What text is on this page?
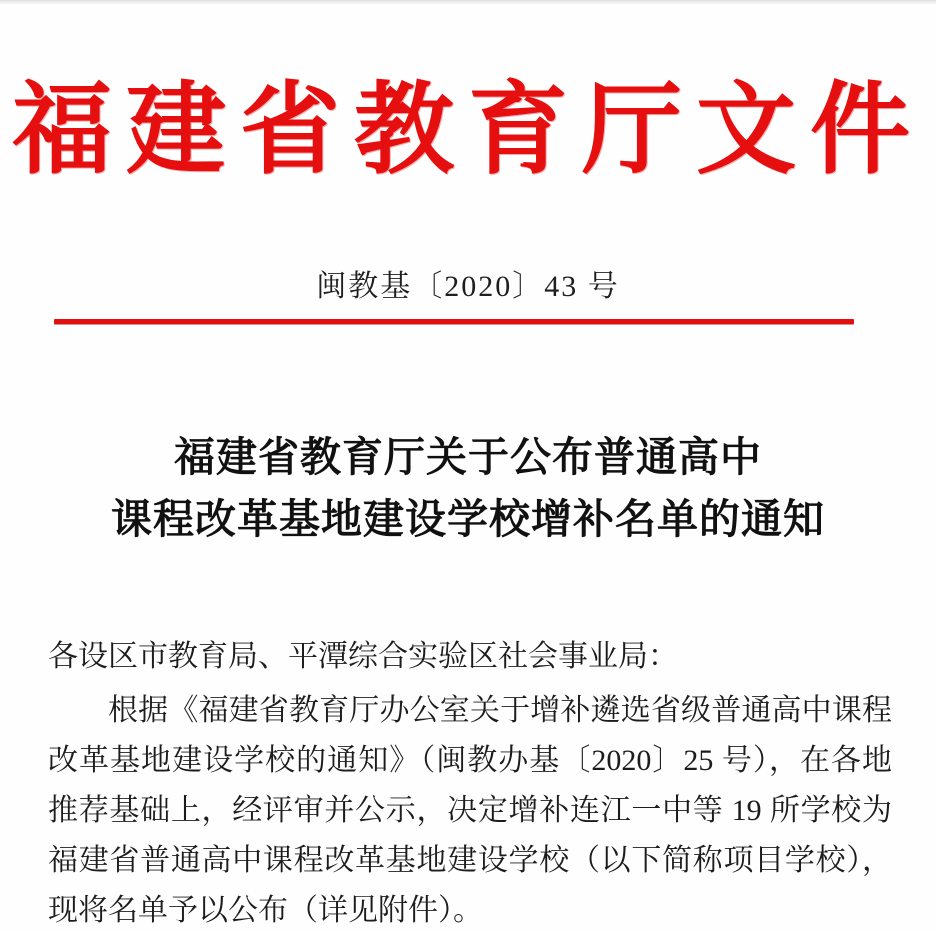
福建省教育厅文件

闽教基〔2020〕43 号

福建省教育厅关于公布普通高中
课程改革基地建设学校增补名单的通知

各设区市教育局、平潭综合实验区社会事业局：

根据《福建省教育厅办公室关于增补遴选省级普通高中课程改革基地建设学校的通知》（闽教办基〔2020〕25 号），在各地推荐基础上，经评审并公示，决定增补连江一中等 19 所学校为福建省普通高中课程改革基地建设学校（以下简称项目学校），现将名单予以公布（详见附件）。
